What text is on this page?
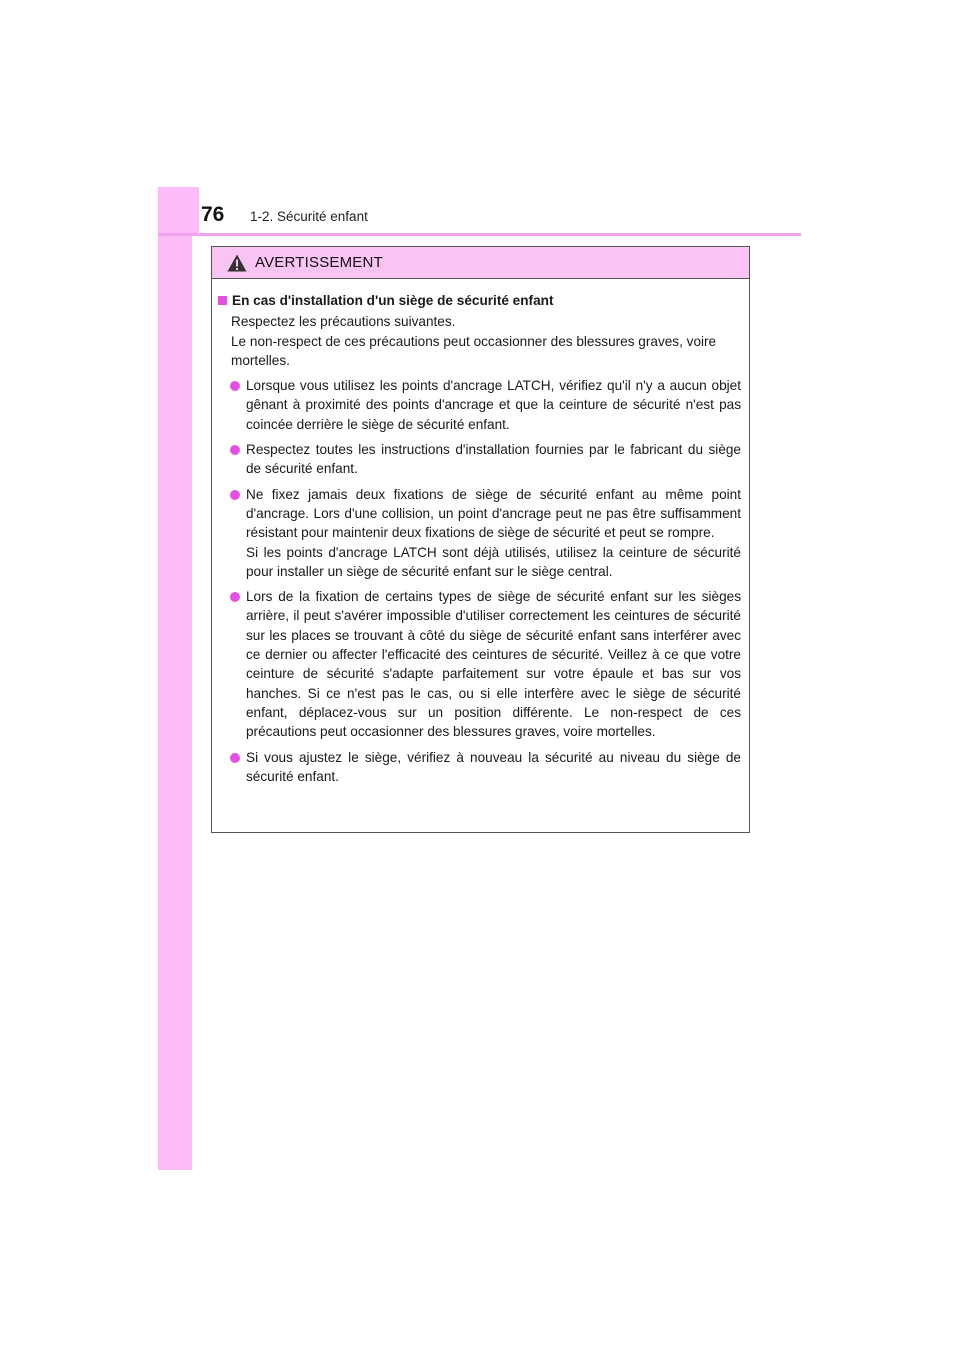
76 1-2. Sécurité enfant
AVERTISSEMENT
En cas d'installation d'un siège de sécurité enfant
Respectez les précautions suivantes.
Le non-respect de ces précautions peut occasionner des blessures graves, voire mortelles.
Lorsque vous utilisez les points d'ancrage LATCH, vérifiez qu'il n'y a aucun objet gênant à proximité des points d'ancrage et que la ceinture de sécurité n'est pas coincée derrière le siège de sécurité enfant.
Respectez toutes les instructions d'installation fournies par le fabricant du siège de sécurité enfant.
Ne fixez jamais deux fixations de siège de sécurité enfant au même point d'ancrage. Lors d'une collision, un point d'ancrage peut ne pas être suffisamment résistant pour maintenir deux fixations de siège de sécurité et peut se rompre.
Si les points d'ancrage LATCH sont déjà utilisés, utilisez la ceinture de sécurité pour installer un siège de sécurité enfant sur le siège central.
Lors de la fixation de certains types de siège de sécurité enfant sur les sièges arrière, il peut s'avérer impossible d'utiliser correctement les ceintures de sécurité sur les places se trouvant à côté du siège de sécurité enfant sans interférer avec ce dernier ou affecter l'efficacité des ceintures de sécurité. Veillez à ce que votre ceinture de sécurité s'adapte parfaitement sur votre épaule et bas sur vos hanches. Si ce n'est pas le cas, ou si elle interfère avec le siège de sécurité enfant, déplacez-vous sur un position différente. Le non-respect de ces précautions peut occasionner des blessures graves, voire mortelles.
Si vous ajustez le siège, vérifiez à nouveau la sécurité au niveau du siège de sécurité enfant.
